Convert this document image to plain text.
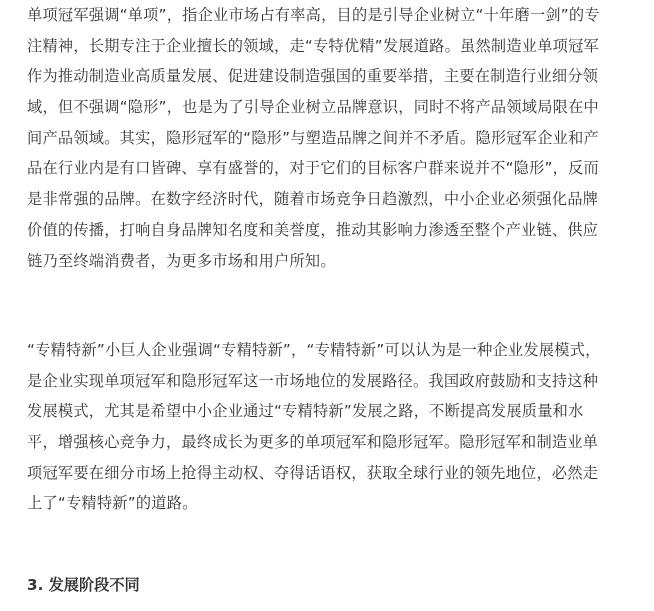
单项冠军强调“单项”，指企业市场占有率高，目的是引导企业树立“十年磨一剑”的专
注精神，长期专注于企业擅长的领域，走“专特优精”发展道路。虽然制造业单项冠军
作为推动制造业高质量发展、促进建设制造强国的重要举措，主要在制造行业细分领
域，但不强调“隐形”，也是为了引导企业树立品牌意识，同时不将产品领域局限在中
间产品领域。其实，隐形冠军的“隐形”与塑造品牌之间并不矛盾。隐形冠军企业和产
品在行业内是有口皆碑、享有盛誉的，对于它们的目标客户群来说并不“隐形”，反而
是非常强的品牌。在数字经济时代，随着市场竞争日趋激烈，中小企业必须强化品牌
价值的传播，打响自身品牌知名度和美誉度，推动其影响力渗透至整个产业链、供应
链乃至终端消费者，为更多市场和用户所知。
“专精特新”小巨人企业强调“专精特新”，“专精特新”可以认为是一种企业发展模式，
是企业实现单项冠军和隐形冠军这一市场地位的发展路径。我国政府鼓励和支持这种
发展模式，尤其是希望中小企业通过“专精特新”发展之路，不断提高发展质量和水
平，增强核心竞争力，最终成长为更多的单项冠军和隐形冠军。隐形冠军和制造业单
项冠军要在细分市场上抢得主动权、夺得话语权，获取全球行业的领先地位，必然走
上了“专精特新”的道路。
3. 发展阶段不同
